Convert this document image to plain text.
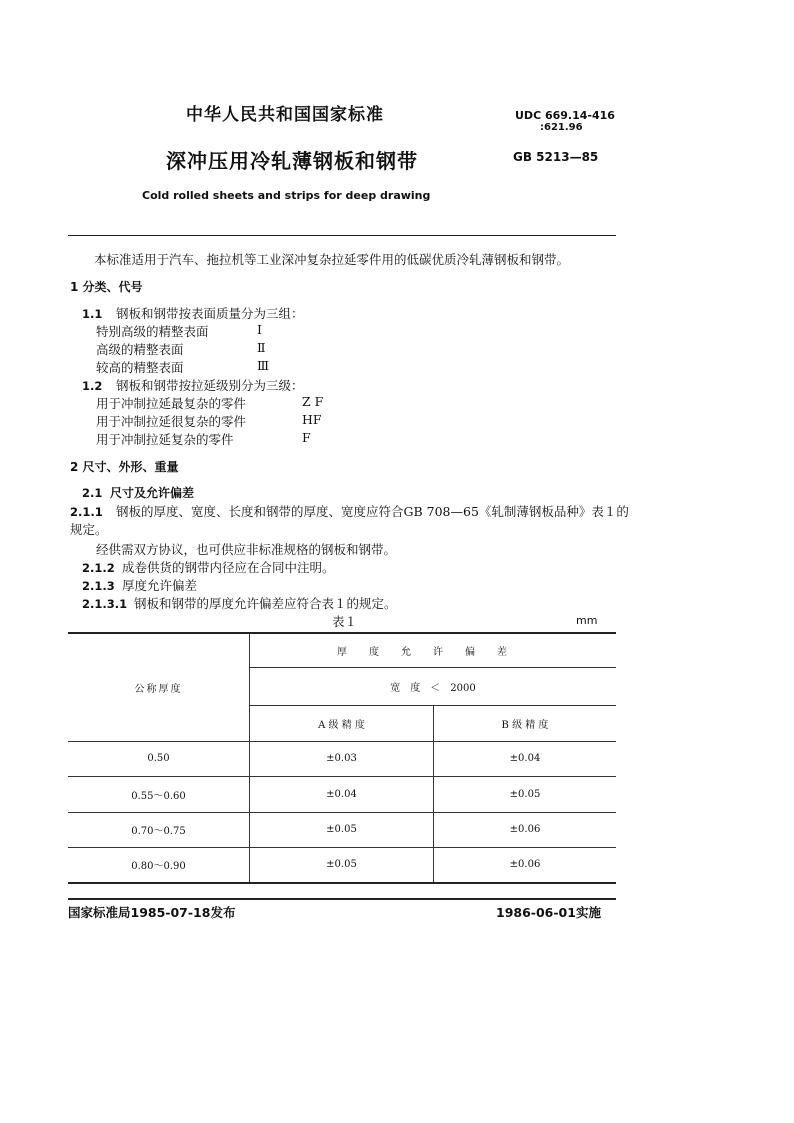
中华人民共和国国家标准	UDC 669.14-416
:621.96
GB 5213—85
深冲压用冷轧薄钢板和钢带
Cold rolled sheets and strips for deep drawing
本标准适用于汽车、拖拉机等工业深冲复杂拉延零件用的低碳优质冷轧薄钢板和钢带。
1 分类、代号
1.1 钢板和钢带按表面质量分为三组：
特别高级的精整表面	Ⅰ
高级的精整表面	Ⅱ
较高的精整表面	Ⅲ
1.2 钢板和钢带按拉延级别分为三级：
用于冲制拉延最复杂的零件	Z F
用于冲制拉延很复杂的零件	HF
用于冲制拉延复杂的零件	F
2 尺寸、外形、重量
2.1 尺寸及允许偏差
2.1.1 钢板的厚度、宽度、长度和钢带的厚度、宽度应符合GB 708—65《轧制薄钢板品种》表１的
规定。
经供需双方协议，也可供应非标准规格的钢板和钢带。
2.1.2 成卷供货的钢带内径应在合同中注明。
2.1.3 厚度允许偏差
2.1.3.1 钢板和钢带的厚度允许偏差应符合表１的规定。
表１	mm
公称厚度	厚度允许偏差	
	宽　度　＜　2000	
	A 级 精 度	B 级 精 度
0.50	±0.03	±0.04
0.55～0.60	±0.04	±0.05
0.70～0.75	±0.05	±0.06
0.80～0.90	±0.05	±0.06
国家标准局1985-07-18发布	1986-06-01实施
